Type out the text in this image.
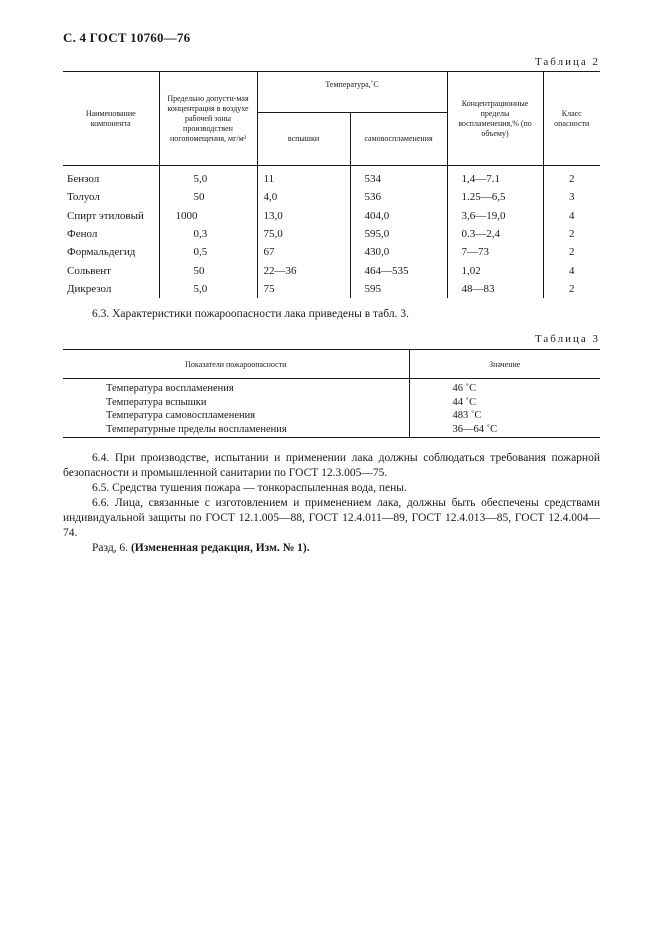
С. 4 ГОСТ 10760—76
Таблица 2
Наименование компонента	Предельно допусти-мая концентрация в воздухе рабочей зоны производствен ногопомещения, мг/м³	Температура,˚С		Концентрационные пределы воспламенения,% (по объему)	Класс опасности
		вспышки	самовоспламенения		
Бензол	5,0	11	534	1,4—7.1	2
Толуол	50	4,0	536	1.25—6,5	3
Спирт этиловый	1000	13,0	404,0	3,6—19,0	4
Фенол	0,3	75,0	595,0	0.3—2,4	2
Формальдегид	0,5	67	430,0	7—73	2
Сольвент	50	22—36	464—535	1,02	4
Дикрезол	5,0	75	595	48—83	2
6.3. Характеристики пожароопасности лака приведены в табл. 3.
Таблица 3
Показатели пожароопасности	Значение
Температура воспламенения	46 ˚С
Температура вспышки	44 ˚С
Температура самовоспламенения	483 ˚С
Температурные пределы воспламенения	36—64 ˚С

6.4. При производстве, испытании и применении лака должны соблюдаться требования пожарной безопасности и промышленной санитарии по ГОСТ 12.3.005—75.

6.5. Средства тушения пожара — тонкораспыленная вода, пены.

6.6. Лица, связанные с изготовлением и применением лака, должны быть обеспечены средствами индивидуальной защиты по ГОСТ 12.1.005—88, ГОСТ 12.4.011—89, ГОСТ 12.4.013—85, ГОСТ 12.4.004—74.

Разд, 6. (Измененная редакция, Изм. № 1).
